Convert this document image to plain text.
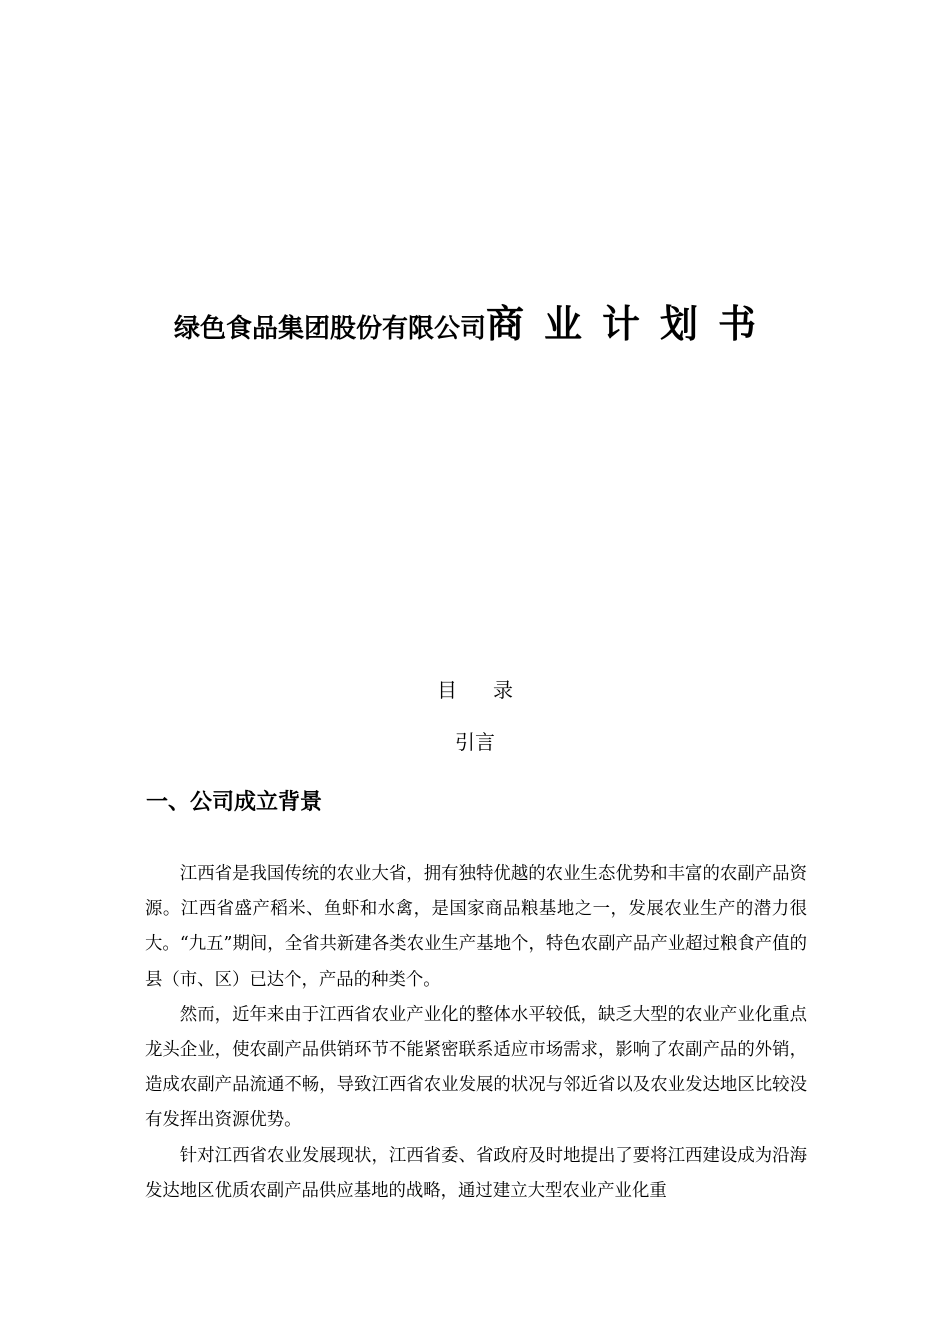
绿色食品集团股份有限公司商业计划书
目录
引言
一、公司成立背景

江西省是我国传统的农业大省，拥有独特优越的农业生态优势和丰富的农副产品资源。江西省盛产稻米、鱼虾和水禽，是国家商品粮基地之一，发展农业生产的潜力很大。“九五”期间，全省共新建各类农业生产基地个，特色农副产品产业超过粮食产值的县（市、区）已达个，产品的种类个。

然而，近年来由于江西省农业产业化的整体水平较低，缺乏大型的农业产业化重点龙头企业，使农副产品供销环节不能紧密联系适应市场需求，影响了农副产品的外销，造成农副产品流通不畅，导致江西省农业发展的状况与邻近省以及农业发达地区比较没有发挥出资源优势。

针对江西省农业发展现状，江西省委、省政府及时地提出了要将江西建设成为沿海发达地区优质农副产品供应基地的战略，通过建立大型农业产业化重
